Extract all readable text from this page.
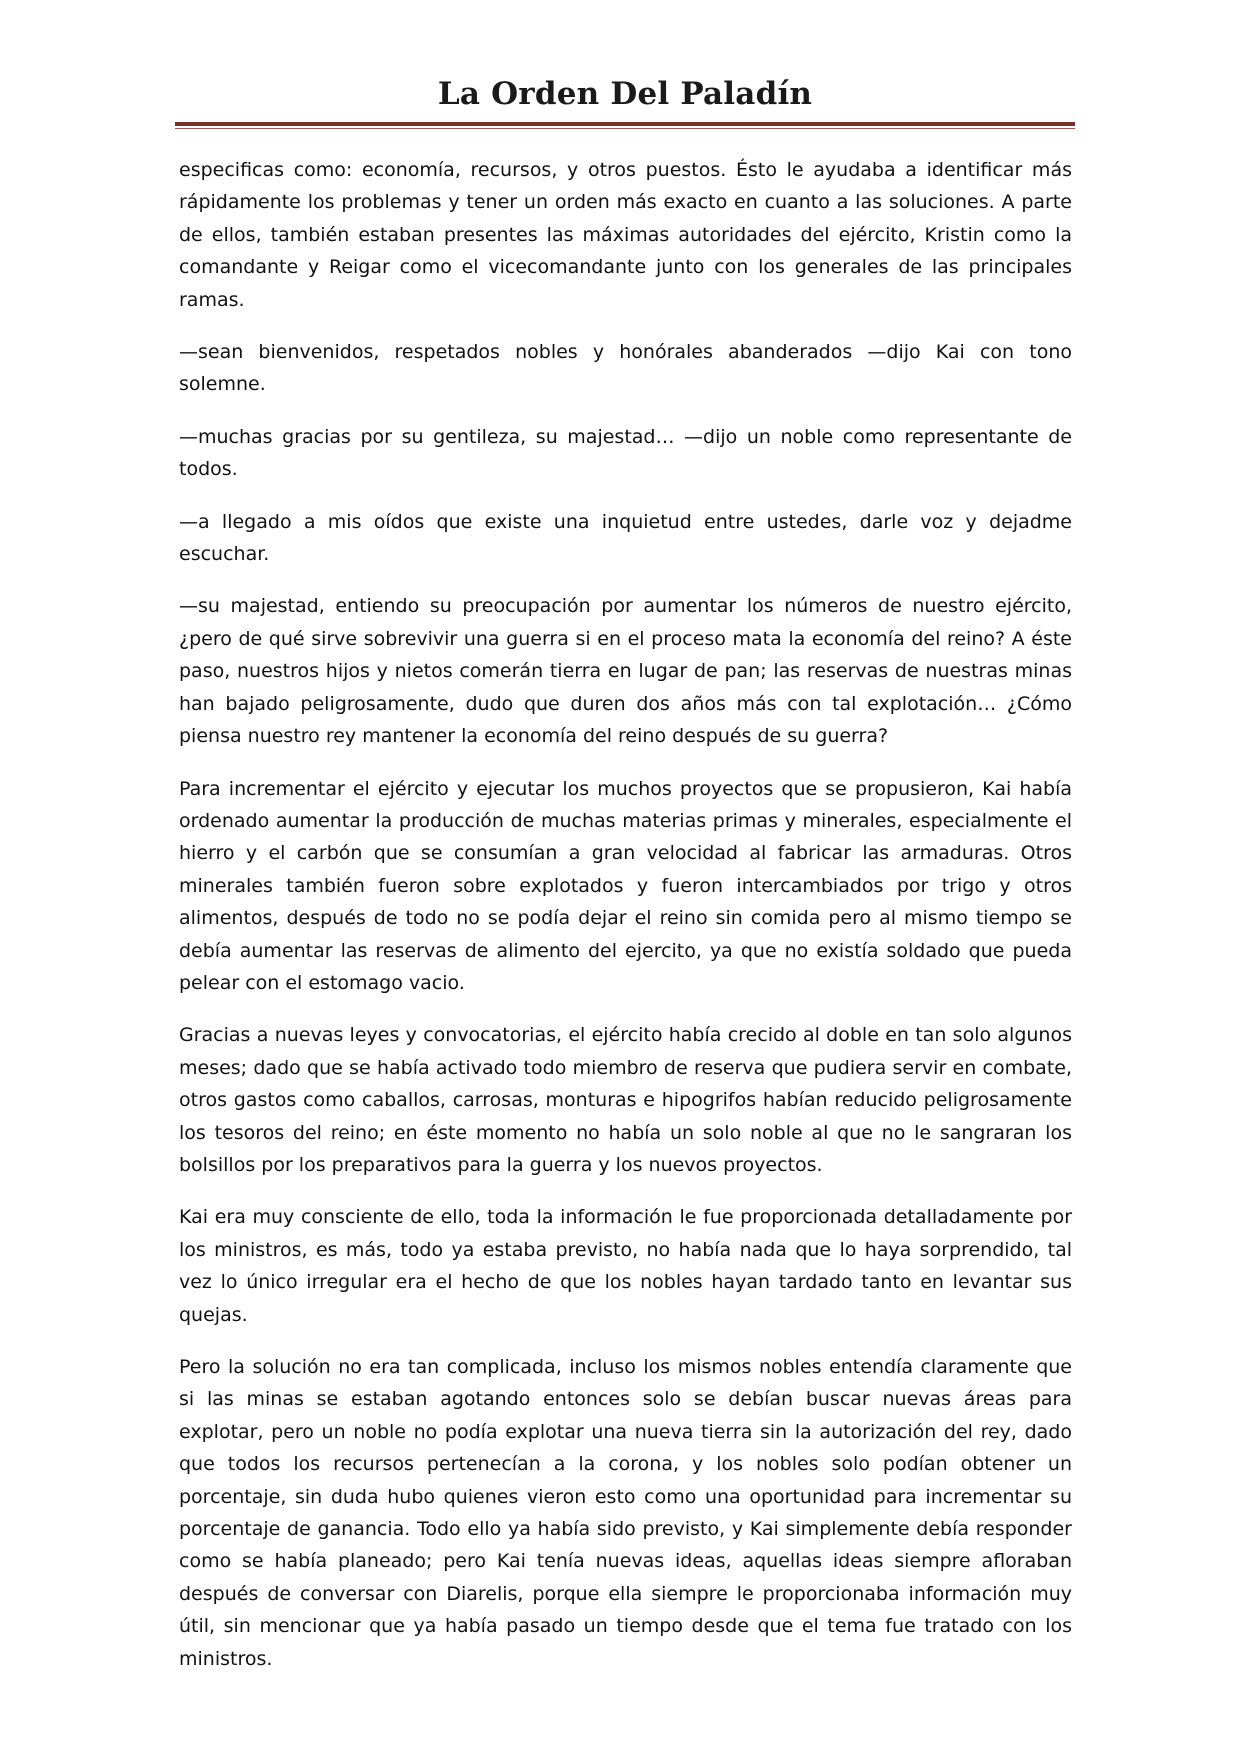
La Orden Del Paladín

especificas como: economía, recursos, y otros puestos. Ésto le ayudaba a identificar más rápidamente los problemas y tener un orden más exacto en cuanto a las soluciones. A parte de ellos, también estaban presentes las máximas autoridades del ejército, Kristin como la comandante y Reigar como el vicecomandante junto con los generales de las principales ramas.

—sean bienvenidos, respetados nobles y honórales abanderados —dijo Kai con tono solemne.

—muchas gracias por su gentileza, su majestad… —dijo un noble como representante de todos.

—a llegado a mis oídos que existe una inquietud entre ustedes, darle voz y dejadme escuchar.

—su majestad, entiendo su preocupación por aumentar los números de nuestro ejército, ¿pero de qué sirve sobrevivir una guerra si en el proceso mata la economía del reino? A éste paso, nuestros hijos y nietos comerán tierra en lugar de pan; las reservas de nuestras minas han bajado peligrosamente, dudo que duren dos años más con tal explotación… ¿Cómo piensa nuestro rey mantener la economía del reino después de su guerra?

Para incrementar el ejército y ejecutar los muchos proyectos que se propusieron, Kai había ordenado aumentar la producción de muchas materias primas y minerales, especialmente el hierro y el carbón que se consumían a gran velocidad al fabricar las armaduras. Otros minerales también fueron sobre explotados y fueron intercambiados por trigo y otros alimentos, después de todo no se podía dejar el reino sin comida pero al mismo tiempo se debía aumentar las reservas de alimento del ejercito, ya que no existía soldado que pueda pelear con el estomago vacio.

Gracias a nuevas leyes y convocatorias, el ejército había crecido al doble en tan solo algunos meses; dado que se había activado todo miembro de reserva que pudiera servir en combate, otros gastos como caballos, carrosas, monturas e hipogrifos habían reducido peligrosamente los tesoros del reino; en éste momento no había un solo noble al que no le sangraran los bolsillos por los preparativos para la guerra y los nuevos proyectos.

Kai era muy consciente de ello, toda la información le fue proporcionada detalladamente por los ministros, es más, todo ya estaba previsto, no había nada que lo haya sorprendido, tal vez lo único irregular era el hecho de que los nobles hayan tardado tanto en levantar sus quejas.

Pero la solución no era tan complicada, incluso los mismos nobles entendía claramente que si las minas se estaban agotando entonces solo se debían buscar nuevas áreas para explotar, pero un noble no podía explotar una nueva tierra sin la autorización del rey, dado que todos los recursos pertenecían a la corona, y los nobles solo podían obtener un porcentaje, sin duda hubo quienes vieron esto como una oportunidad para incrementar su porcentaje de ganancia. Todo ello ya había sido previsto, y Kai simplemente debía responder como se había planeado; pero Kai tenía nuevas ideas, aquellas ideas siempre afloraban después de conversar con Diarelis, porque ella siempre le proporcionaba información muy útil, sin mencionar que ya había pasado un tiempo desde que el tema fue tratado con los ministros.
